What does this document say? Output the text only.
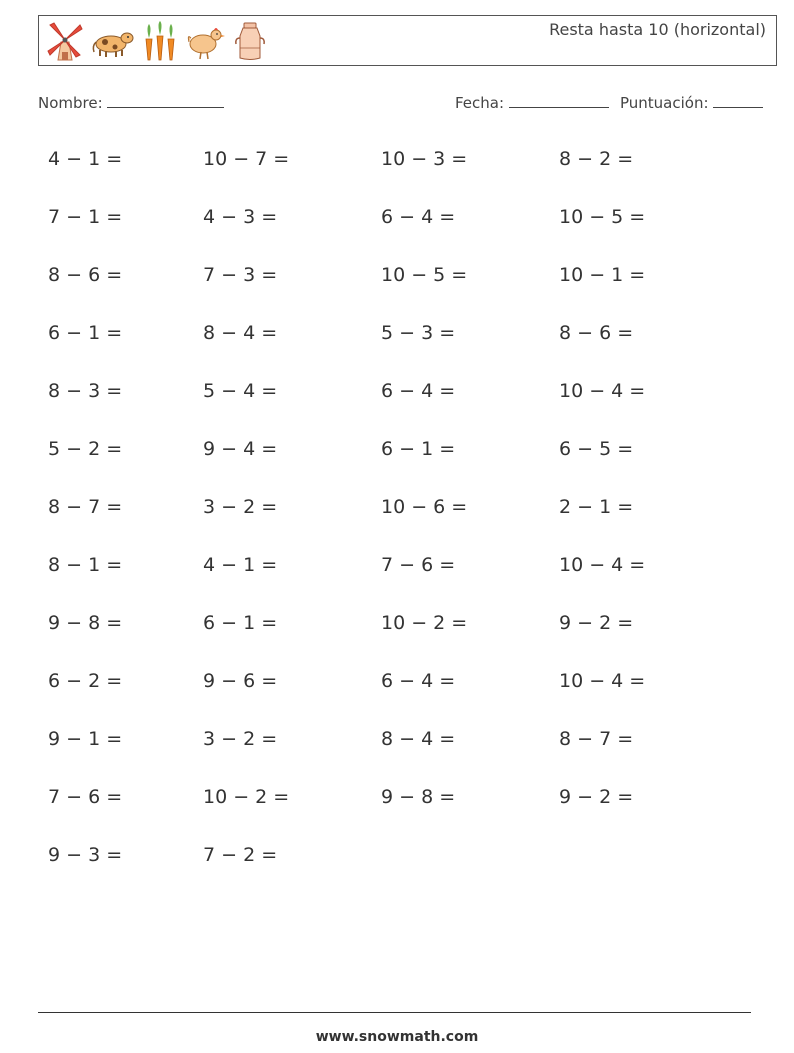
Resta hasta 10 (horizontal)
Nombre:	Fecha:	Puntuación:
4 − 1 =	10 − 7 =	10 − 3 =	8 − 2 =
7 − 1 =	4 − 3 =	6 − 4 =	10 − 5 =
8 − 6 =	7 − 3 =	10 − 5 =	10 − 1 =
6 − 1 =	8 − 4 =	5 − 3 =	8 − 6 =
8 − 3 =	5 − 4 =	6 − 4 =	10 − 4 =
5 − 2 =	9 − 4 =	6 − 1 =	6 − 5 =
8 − 7 =	3 − 2 =	10 − 6 =	2 − 1 =
8 − 1 =	4 − 1 =	7 − 6 =	10 − 4 =
9 − 8 =	6 − 1 =	10 − 2 =	9 − 2 =
6 − 2 =	9 − 6 =	6 − 4 =	10 − 4 =
9 − 1 =	3 − 2 =	8 − 4 =	8 − 7 =
7 − 6 =	10 − 2 =	9 − 8 =	9 − 2 =
9 − 3 =	7 − 2 =
www.snowmath.com
